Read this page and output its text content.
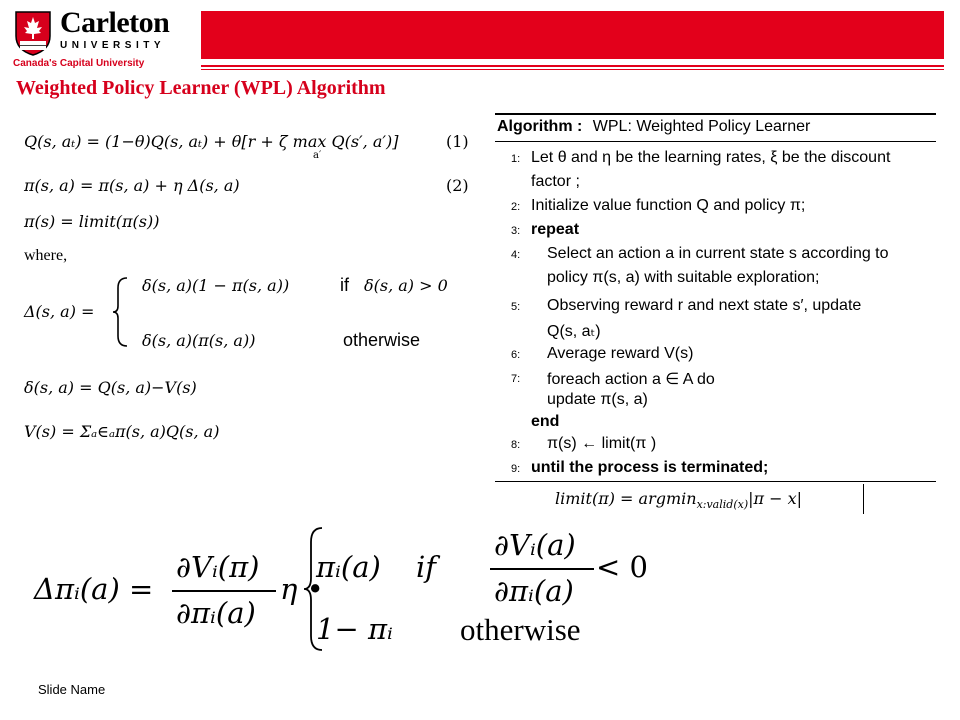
Carleton
UNIVERSITY
Canada's Capital University
Weighted Policy Learner (WPL) Algorithm
Q(s, aₜ) = (1−θ)Q(s, aₜ) + θ[r + ζ max Q(s′, a′)]
a′
(1)
π(s, a) = π(s, a) + η Δ(s, a)	(2)
π(s) = limit(π(s))
where,
Δ(s, a) =
δ(s, a)(1 − π(s, a))	if δ(s, a) > 0
δ(s, a)(π(s, a))	otherwise
δ(s, a) = Q(s, a)−V(s)
V(s) = Σₐ∈ₐπ(s, a)Q(s, a)
Algorithm : WPL: Weighted Policy Learner
1: Let θ and η be the learning rates, ξ be the discount
factor ;
2: Initialize value function Q and policy π;
3: repeat
4: Select an action a in current state s according to
policy π(s, a) with suitable exploration;
5: Observing reward r and next state s′, update
Q(s, aₜ)
6: Average reward V(s)
7: foreach action a ∈ A do
update π(s, a)
end
8: π(s) ← limit(π )
9: until the process is terminated;
limit(π) = argmin$_{x:valid(x)}$|π − x|
Δπᵢ(a) =
∂Vᵢ(π)
∂πᵢ(a)
η •
πᵢ(a) if
∂Vᵢ(a)
∂πᵢ(a)
< 0
1− πᵢ otherwise
Slide Name
